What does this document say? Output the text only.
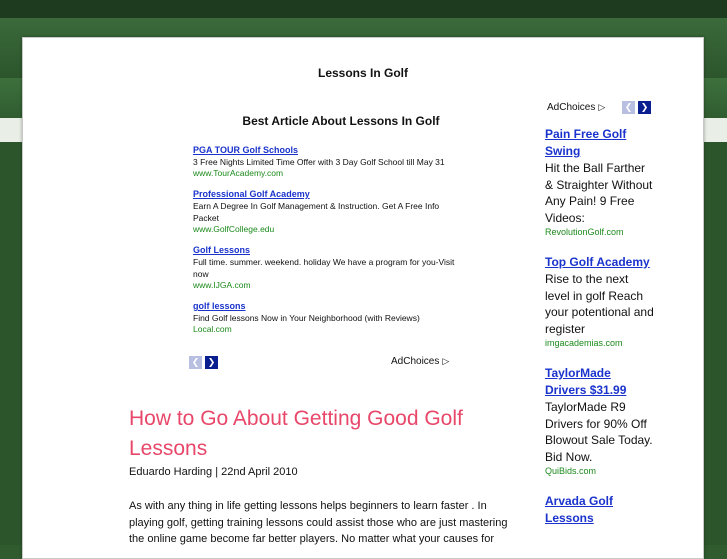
Lessons In Golf
Best Article About Lessons In Golf
PGA TOUR Golf Schools
3 Free Nights Limited Time Offer with 3 Day Golf School till May 31
www.TourAcademy.com
Professional Golf Academy
Earn A Degree In Golf Management & Instruction. Get A Free Info Packet
www.GolfCollege.edu
Golf Lessons
Full time. summer. weekend. holiday We have a program for you-Visit now
www.IJGA.com
golf lessons
Find Golf lessons Now in Your Neighborhood (with Reviews)
Local.com
❮ ❯	AdChoices ▷
How to Go About Getting Good Golf Lessons
Eduardo Harding | 22nd April 2010

As with any thing in life getting lessons helps beginners to learn faster . In playing golf, getting training lessons could assist those who are just mastering the online game become far better players. No matter what your causes for

AdChoices ▷	❮ ❯
Pain Free Golf Swing
Hit the Ball Farther & Straighter Without Any Pain! 9 Free Videos:
RevolutionGolf.com
Top Golf Academy
Rise to the next level in golf Reach your potentional and register
imgacademias.com
TaylorMade Drivers $31.99
TaylorMade R9 Drivers for 90% Off Blowout Sale Today. Bid Now.
QuiBids.com
Arvada Golf Lessons
